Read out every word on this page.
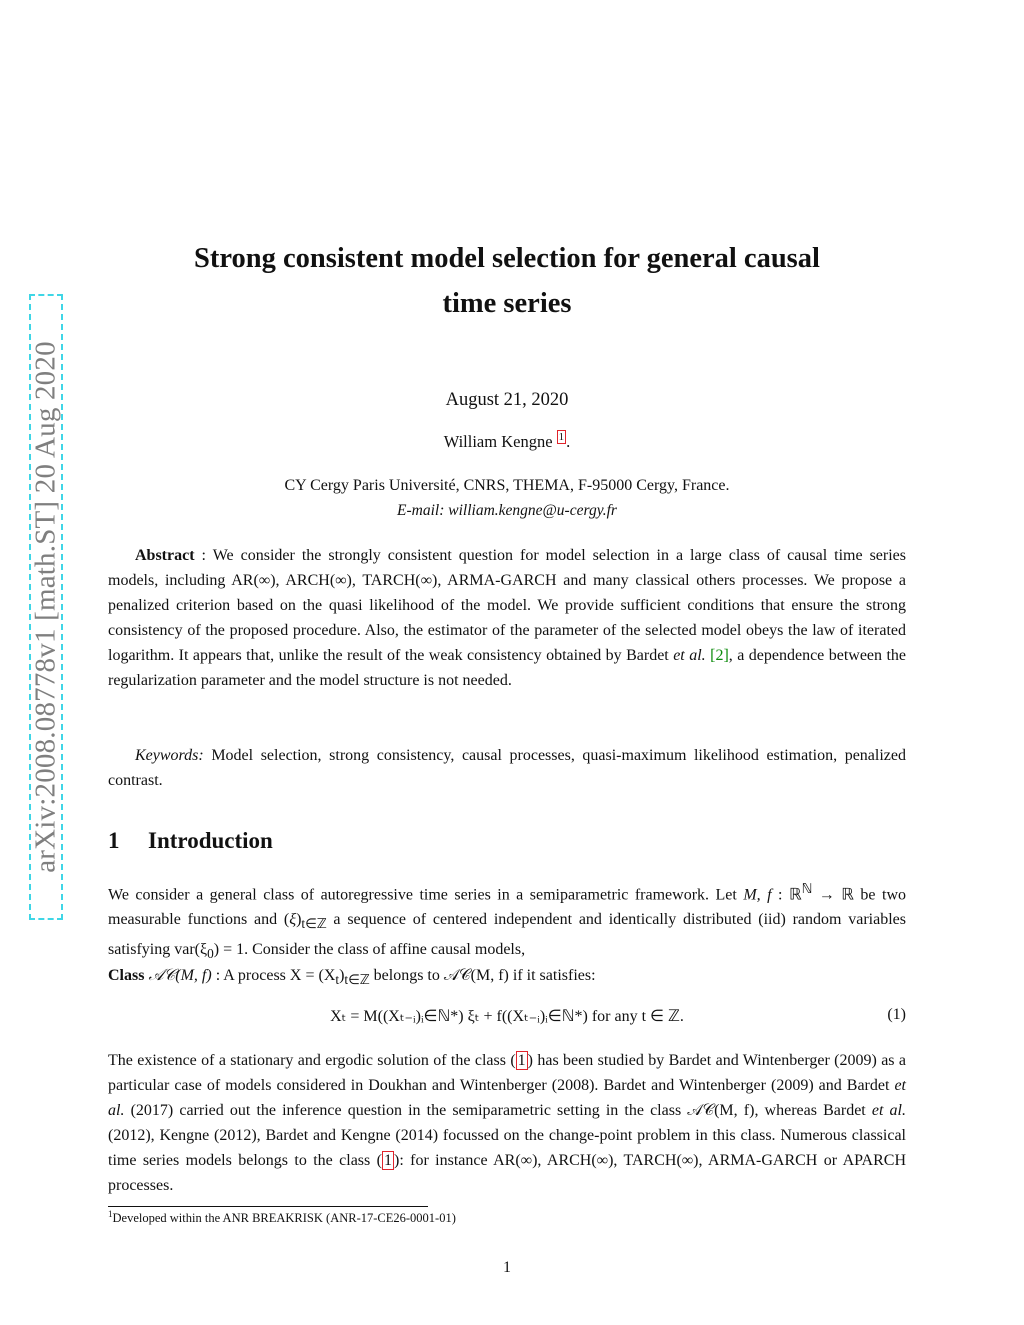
arXiv:2008.08778v1 [math.ST] 20 Aug 2020
Strong consistent model selection for general causal
time series
August 21, 2020
William Kengne $^1$ .
CY Cergy Paris Université, CNRS, THEMA, F-95000 Cergy, France.
E-mail: william.kengne@u-cergy.fr
Abstract : We consider the strongly consistent question for model selection in a large class of causal time series models, including AR(∞), ARCH(∞), TARCH(∞), ARMA-GARCH and many classical others processes. We propose a penalized criterion based on the quasi likelihood of the model. We provide sufficient conditions that ensure the strong consistency of the proposed procedure. Also, the estimator of the parameter of the selected model obeys the law of iterated logarithm. It appears that, unlike the result of the weak consistency obtained by Bardet et al. [2], a dependence between the regularization parameter and the model structure is not needed.
Keywords: Model selection, strong consistency, causal processes, quasi-maximum likelihood estimation, penalized contrast.
1 Introduction
We consider a general class of autoregressive time series in a semiparametric framework. Let M, f : ℝ$^ℕ$ → ℝ be two measurable functions and $(\xi)_{t\in ℤ}$ a sequence of centered independent and identically distributed (iid) random variables satisfying $var(\xi_0) = 1$. Consider the class of affine causal models,
Class 𝒜𝒞(M, f) : A process $X = (X_t)_{t\in ℤ}$ belongs to 𝒜𝒞(M, f) if it satisfies:
Xₜ = M((Xₜ₋ᵢ)ᵢ∈ℕ*) ξₜ + f((Xₜ₋ᵢ)ᵢ∈ℕ*) for any t ∈ ℤ.	(1)
The existence of a stationary and ergodic solution of the class ( 1 ) has been studied by Bardet and Wintenberger (2009) as a particular case of models considered in Doukhan and Wintenberger (2008). Bardet and Wintenberger (2009) and Bardet et al. (2017) carried out the inference question in the semiparametric setting in the class 𝒜𝒞(M, f), whereas Bardet et al. (2012), Kengne (2012), Bardet and Kengne (2014) focussed on the change-point problem in this class. Numerous classical time series models belongs to the class ( 1 ): for instance AR(∞), ARCH(∞), TARCH(∞), ARMA-GARCH or APARCH processes.
$^1$Developed within the ANR BREAKRISK (ANR-17-CE26-0001-01)
1
